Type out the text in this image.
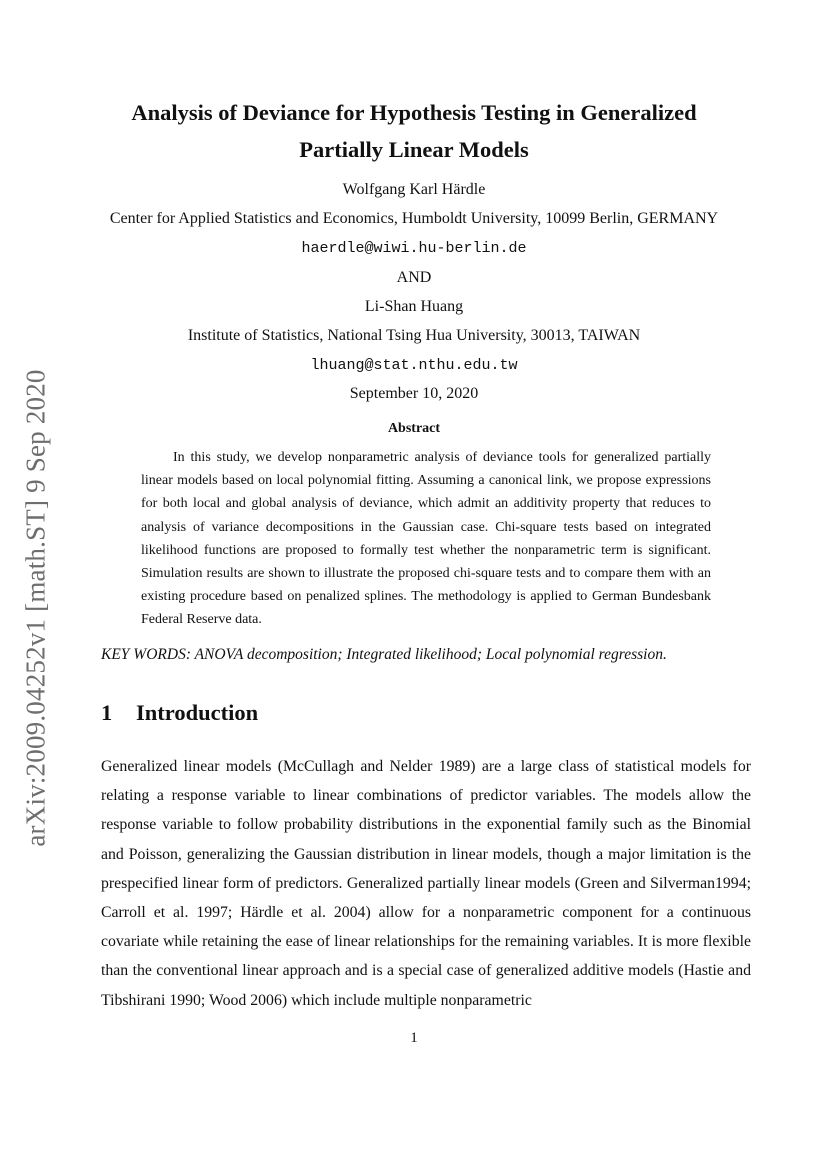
arXiv:2009.04252v1 [math.ST] 9 Sep 2020
Analysis of Deviance for Hypothesis Testing in Generalized
Partially Linear Models
Wolfgang Karl Härdle
Center for Applied Statistics and Economics, Humboldt University, 10099 Berlin, GERMANY
haerdle@wiwi.hu-berlin.de
AND
Li-Shan Huang
Institute of Statistics, National Tsing Hua University, 30013, TAIWAN
lhuang@stat.nthu.edu.tw
September 10, 2020
Abstract

In this study, we develop nonparametric analysis of deviance tools for generalized partially linear models based on local polynomial fitting. Assuming a canonical link, we propose expressions for both local and global analysis of deviance, which admit an additivity property that reduces to analysis of variance decompositions in the Gaussian case. Chi-square tests based on integrated likelihood functions are proposed to formally test whether the nonparametric term is significant. Simulation results are shown to illustrate the proposed chi-square tests and to compare them with an existing procedure based on penalized splines. The methodology is applied to German Bundesbank Federal Reserve data.

KEY WORDS: ANOVA decomposition; Integrated likelihood; Local polynomial regression.

1 Introduction

Generalized linear models (McCullagh and Nelder 1989) are a large class of statistical models for relating a response variable to linear combinations of predictor variables. The models allow the response variable to follow probability distributions in the exponential family such as the Binomial and Poisson, generalizing the Gaussian distribution in linear models, though a major limitation is the prespecified linear form of predictors. Generalized partially linear models (Green and Silverman1994; Carroll et al. 1997; Härdle et al. 2004) allow for a nonparametric component for a continuous covariate while retaining the ease of linear relationships for the remaining variables. It is more flexible than the conventional linear approach and is a special case of generalized additive models (Hastie and Tibshirani 1990; Wood 2006) which include multiple nonparametric

1
